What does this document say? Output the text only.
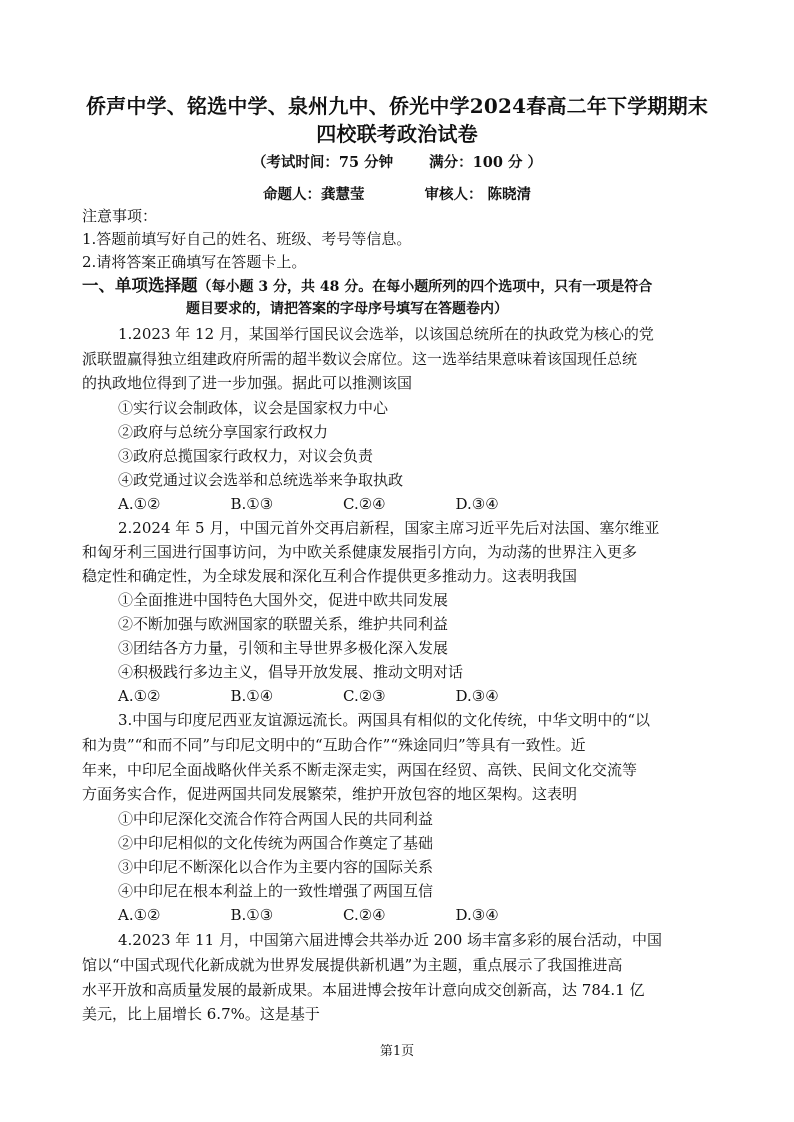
侨声中学、铭选中学、泉州九中、侨光中学2024春高二年下学期期末
四校联考政治试卷
（考试时间：75 分钟 满分：100 分 ）
命题人：龚慧莹	审核人： 陈晓清
注意事项：
1.答题前填写好自己的姓名、班级、考号等信息。
2.请将答案正确填写在答题卡上。
一、单项选择题（每小题 3 分，共 48 分。在每小题所列的四个选项中，只有一项是符合
题目要求的，请把答案的字母序号填写在答题卷内）
1.2023 年 12 月，某国举行国民议会选举，以该国总统所在的执政党为核心的党
派联盟赢得独立组建政府所需的超半数议会席位。这一选举结果意味着该国现任总统
的执政地位得到了进一步加强。据此可以推测该国
①实行议会制政体，议会是国家权力中心
②政府与总统分享国家行政权力
③政府总揽国家行政权力，对议会负责
④政党通过议会选举和总统选举来争取执政
A.①②	B.①③	C.②④	D.③④
2.2024 年 5 月，中国元首外交再启新程，国家主席习近平先后对法国、塞尔维亚
和匈牙利三国进行国事访问，为中欧关系健康发展指引方向，为动荡的世界注入更多
稳定性和确定性，为全球发展和深化互利合作提供更多推动力。这表明我国
①全面推进中国特色大国外交，促进中欧共同发展
②不断加强与欧洲国家的联盟关系，维护共同利益
③团结各方力量，引领和主导世界多极化深入发展
④积极践行多边主义，倡导开放发展、推动文明对话
A.①②	B.①④	C.②③	D.③④
3.中国与印度尼西亚友谊源远流长。两国具有相似的文化传统，中华文明中的“以
和为贵”“和而不同”与印尼文明中的“互助合作”“殊途同归”等具有一致性。近
年来，中印尼全面战略伙伴关系不断走深走实，两国在经贸、高铁、民间文化交流等
方面务实合作，促进两国共同发展繁荣，维护开放包容的地区架构。这表明
①中印尼深化交流合作符合两国人民的共同利益
②中印尼相似的文化传统为两国合作奠定了基础
③中印尼不断深化以合作为主要内容的国际关系
④中印尼在根本利益上的一致性增强了两国互信
A.①②	B.①③	C.②④	D.③④
4.2023 年 11 月，中国第六届进博会共举办近 200 场丰富多彩的展台活动，中国
馆以“中国式现代化新成就为世界发展提供新机遇”为主题，重点展示了我国推进高
水平开放和高质量发展的最新成果。本届进博会按年计意向成交创新高，达 784.1 亿
美元，比上届增长 6.7%。这是基于
第1页
